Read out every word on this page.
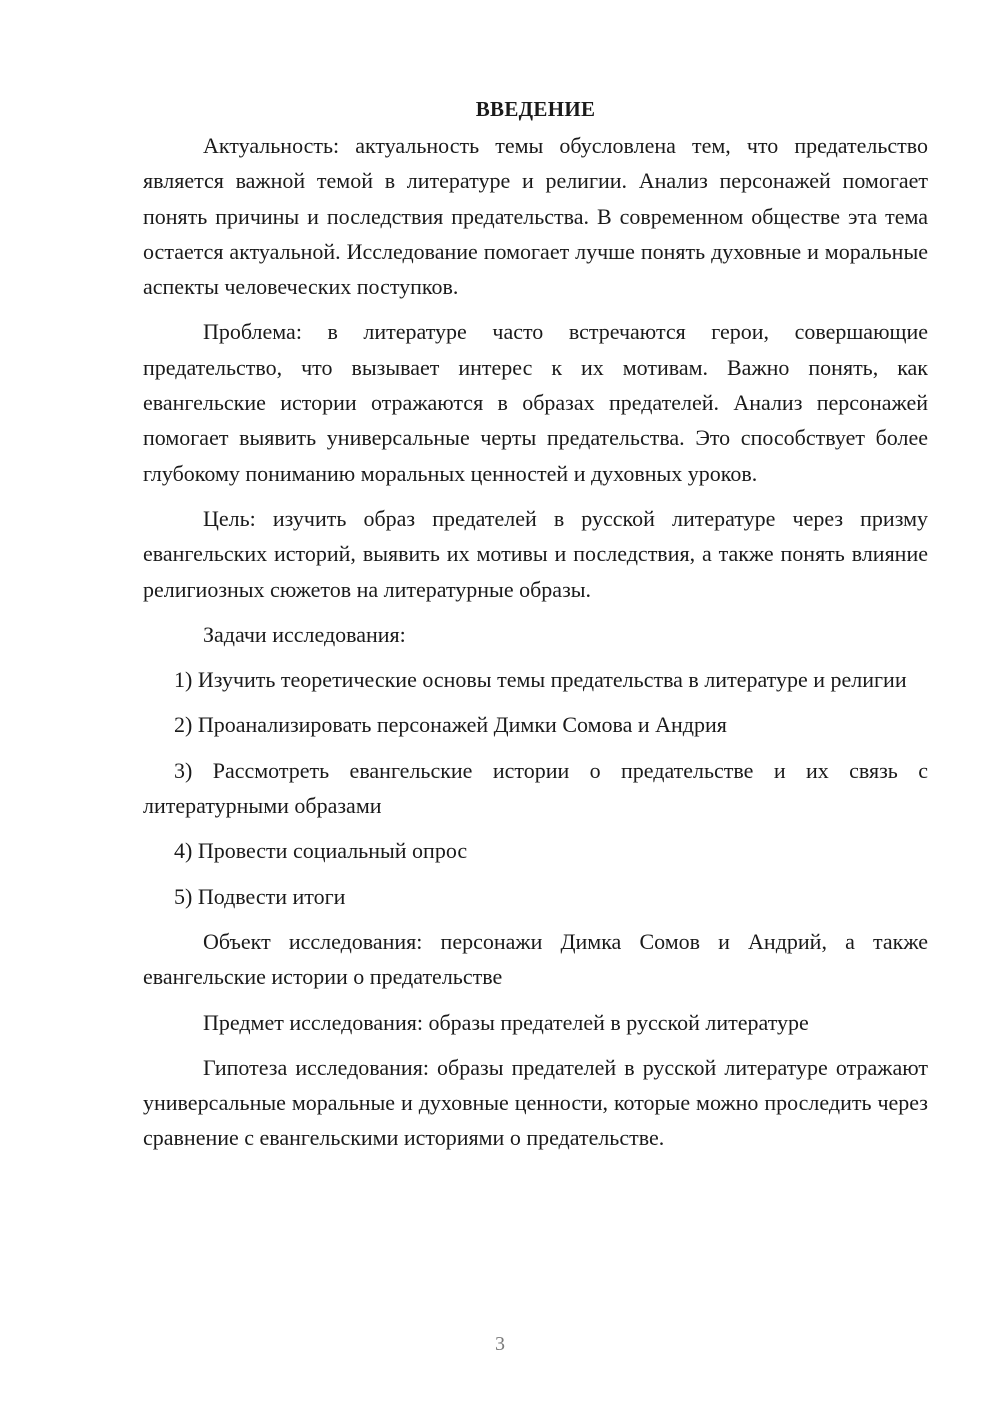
ВВЕДЕНИЕ

Актуальность: актуальность темы обусловлена тем, что предательство является важной темой в литературе и религии. Анализ персонажей помогает понять причины и последствия предательства. В современном обществе эта тема остается актуальной. Исследование помогает лучше понять духовные и моральные аспекты человеческих поступков.

Проблема: в литературе часто встречаются герои, совершающие предательство, что вызывает интерес к их мотивам. Важно понять, как евангельские истории отражаются в образах предателей. Анализ персонажей помогает выявить универсальные черты предательства. Это способствует более глубокому пониманию моральных ценностей и духовных уроков.

Цель: изучить образ предателей в русской литературе через призму евангельских историй, выявить их мотивы и последствия, а также понять влияние религиозных сюжетов на литературные образы.

Задачи исследования:

1) Изучить теоретические основы темы предательства в литературе и религии

2) Проанализировать персонажей Димки Сомова и Андрия

3) Рассмотреть евангельские истории о предательстве и их связь с литературными образами

4) Провести социальный опрос

5) Подвести итоги

Объект исследования: персонажи Димка Сомов и Андрий, а также евангельские истории о предательстве

Предмет исследования: образы предателей в русской литературе

Гипотеза исследования: образы предателей в русской литературе отражают универсальные моральные и духовные ценности, которые можно проследить через сравнение с евангельскими историями о предательстве.

3
